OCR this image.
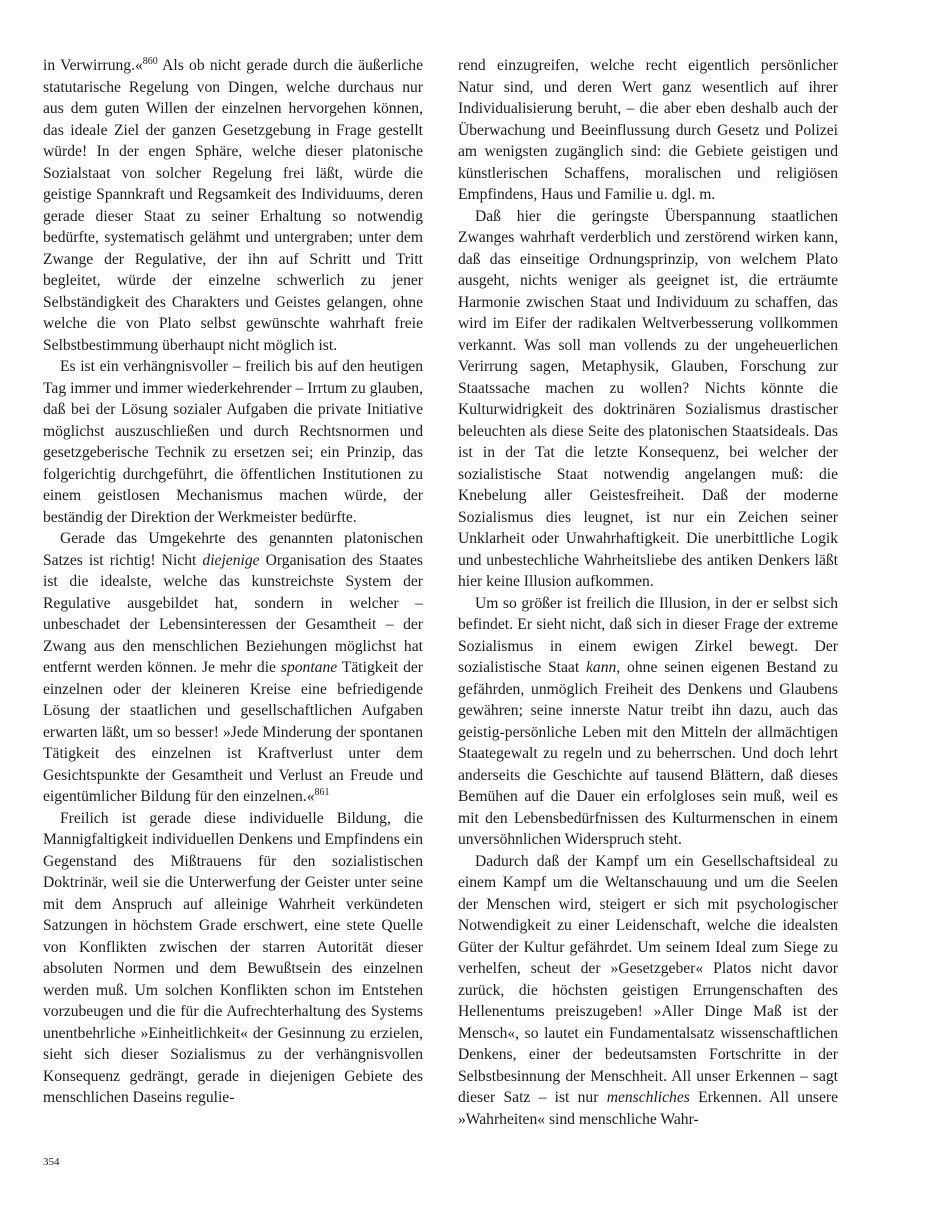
in Verwirrung.«$^{860}$ Als ob nicht gerade durch die äußerliche statutarische Regelung von Dingen, welche durchaus nur aus dem guten Willen der einzelnen hervorgehen können, das ideale Ziel der ganzen Gesetzgebung in Frage gestellt würde! In der engen Sphäre, welche dieser platonische Sozialstaat von solcher Regelung frei läßt, würde die geistige Spannkraft und Regsamkeit des Individuums, deren gerade dieser Staat zu seiner Erhaltung so notwendig bedürfte, systematisch gelähmt und untergraben; unter dem Zwange der Regulative, der ihn auf Schritt und Tritt begleitet, würde der einzelne schwerlich zu jener Selbständigkeit des Charakters und Geistes gelangen, ohne welche die von Plato selbst gewünschte wahrhaft freie Selbstbestimmung überhaupt nicht möglich ist.

Es ist ein verhängnisvoller – freilich bis auf den heutigen Tag immer und immer wiederkehrender – Irrtum zu glauben, daß bei der Lösung sozialer Aufgaben die private Initiative möglichst auszuschließen und durch Rechtsnormen und gesetzgeberische Technik zu ersetzen sei; ein Prinzip, das folgerichtig durchgeführt, die öffentlichen Institutionen zu einem geistlosen Mechanismus machen würde, der beständig der Direktion der Werkmeister bedürfte.

Gerade das Umgekehrte des genannten platonischen Satzes ist richtig! Nicht diejenige Organisation des Staates ist die idealste, welche das kunstreichste System der Regulative ausgebildet hat, sondern in welcher – unbeschadet der Lebensinteressen der Gesamtheit – der Zwang aus den menschlichen Beziehungen möglichst hat entfernt werden können. Je mehr die spontane Tätigkeit der einzelnen oder der kleineren Kreise eine befriedigende Lösung der staatlichen und gesellschaftlichen Aufgaben erwarten läßt, um so besser! »Jede Minderung der spontanen Tätigkeit des einzelnen ist Kraftverlust unter dem Gesichtspunkte der Gesamtheit und Verlust an Freude und eigentümlicher Bildung für den einzelnen.«$^{861}$

Freilich ist gerade diese individuelle Bildung, die Mannigfaltigkeit individuellen Denkens und Empfindens ein Gegenstand des Mißtrauens für den sozialistischen Doktrinär, weil sie die Unterwerfung der Geister unter seine mit dem Anspruch auf alleinige Wahrheit verkündeten Satzungen in höchstem Grade erschwert, eine stete Quelle von Konflikten zwischen der starren Autorität dieser absoluten Normen und dem Bewußtsein des einzelnen werden muß. Um solchen Konflikten schon im Entstehen vorzubeugen und die für die Aufrechterhaltung des Systems unentbehrliche »Einheitlichkeit« der Gesinnung zu erzielen, sieht sich dieser Sozialismus zu der verhängnisvollen Konsequenz gedrängt, gerade in diejenigen Gebiete des menschlichen Daseins regulie-

rend einzugreifen, welche recht eigentlich persönlicher Natur sind, und deren Wert ganz wesentlich auf ihrer Individualisierung beruht, – die aber eben deshalb auch der Überwachung und Beeinflussung durch Gesetz und Polizei am wenigsten zugänglich sind: die Gebiete geistigen und künstlerischen Schaffens, moralischen und religiösen Empfindens, Haus und Familie u. dgl. m.

Daß hier die geringste Überspannung staatlichen Zwanges wahrhaft verderblich und zerstörend wirken kann, daß das einseitige Ordnungsprinzip, von welchem Plato ausgeht, nichts weniger als geeignet ist, die erträumte Harmonie zwischen Staat und Individuum zu schaffen, das wird im Eifer der radikalen Weltverbesserung vollkommen verkannt. Was soll man vollends zu der ungeheuerlichen Verirrung sagen, Metaphysik, Glauben, Forschung zur Staatssache machen zu wollen? Nichts könnte die Kulturwidrigkeit des doktrinären Sozialismus drastischer beleuchten als diese Seite des platonischen Staatsideals. Das ist in der Tat die letzte Konsequenz, bei welcher der sozialistische Staat notwendig angelangen muß: die Knebelung aller Geistesfreiheit. Daß der moderne Sozialismus dies leugnet, ist nur ein Zeichen seiner Unklarheit oder Unwahrhaftigkeit. Die unerbittliche Logik und unbestechliche Wahrheitsliebe des antiken Denkers läßt hier keine Illusion aufkommen.

Um so größer ist freilich die Illusion, in der er selbst sich befindet. Er sieht nicht, daß sich in dieser Frage der extreme Sozialismus in einem ewigen Zirkel bewegt. Der sozialistische Staat kann, ohne seinen eigenen Bestand zu gefährden, unmöglich Freiheit des Denkens und Glaubens gewähren; seine innerste Natur treibt ihn dazu, auch das geistig-persönliche Leben mit den Mitteln der allmächtigen Staategewalt zu regeln und zu beherrschen. Und doch lehrt anderseits die Geschichte auf tausend Blättern, daß dieses Bemühen auf die Dauer ein erfolgloses sein muß, weil es mit den Lebensbedürfnissen des Kulturmenschen in einem unversöhnlichen Widerspruch steht.

Dadurch daß der Kampf um ein Gesellschaftsideal zu einem Kampf um die Weltanschauung und um die Seelen der Menschen wird, steigert er sich mit psychologischer Notwendigkeit zu einer Leidenschaft, welche die idealsten Güter der Kultur gefährdet. Um seinem Ideal zum Siege zu verhelfen, scheut der »Gesetzgeber« Platos nicht davor zurück, die höchsten geistigen Errungenschaften des Hellenentums preiszugeben! »Aller Dinge Maß ist der Mensch«, so lautet ein Fundamentalsatz wissenschaftlichen Denkens, einer der bedeutsamsten Fortschritte in der Selbstbesinnung der Menschheit. All unser Erkennen – sagt dieser Satz – ist nur menschliches Erkennen. All unsere »Wahrheiten« sind menschliche Wahr-

354
